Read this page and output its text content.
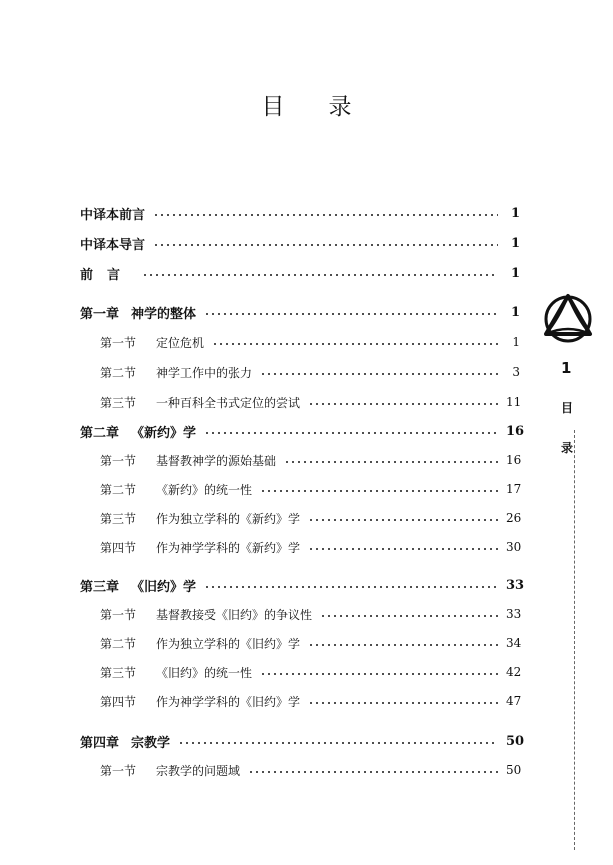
目 录
中译本前言	1
中译本导言	1
前言	1
第一章 神学的整体	1
第一节 定位危机	1
第二节 神学工作中的张力	3
第三节 一种百科全书式定位的尝试	11
第二章 《新约》学	16
第一节 基督教神学的源始基础	16
第二节 《新约》的统一性	17
第三节 作为独立学科的《新约》学	26
第四节 作为神学学科的《新约》学	30
第三章 《旧约》学	33
第一节 基督教接受《旧约》的争议性	33
第二节 作为独立学科的《旧约》学	34
第三节 《旧约》的统一性	42
第四节 作为神学学科的《旧约》学	47
第四章 宗教学	50
第一节 宗教学的问题域	50
1
目
录
